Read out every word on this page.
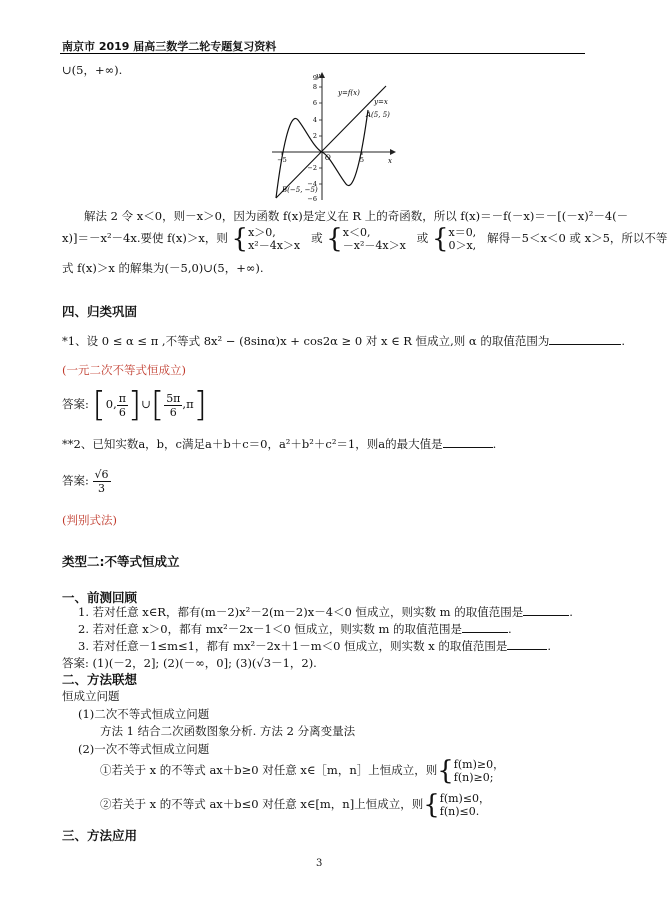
南京市 2019 届高三数学二轮专题复习资料
∪(5，+∞).
y=f(x)
y=x
A(5, 5)
B(−5, −5)
O	x
y
9
8
6
4
2
−2
−4
−6
−5	5
解法 2 令 x＜0，则－x＞0，因为函数 f(x)是定义在 R 上的奇函数，所以 f(x)＝－f(－x)＝－[(－x)²－4(－
x)]＝－x²－4x.要使 f(x)＞x，则 {x＞0,
x²－4x＞x   或 {x＜0,
－x²－4x＞x   或 {x＝0,
0＞x,   解得－5＜x＜0 或 x＞5，所以不等
式 f(x)＞x 的解集为(－5,0)∪(5，+∞).
四、归类巩固
*1、设 0 ≤ α ≤ π ,不等式 8x² − (8sinα)x + cos2α ≥ 0 对 x ∈ R 恒成立,则 α 的取值范围为	.
(一元二次不等式恒成立)
答案: [0, $\frac{\pi}{6}]\cup[ \frac{5\pi}{6},\pi]$
**2、已知实数a，b，c满足a＋b＋c＝0，a²＋b²＋c²＝1，则a的最大值是	.
答案: $\frac{√6}{3}$
(判别式法)
类型二:不等式恒成立
一、前测回顾
1. 若对任意 x∈R，都有(m－2)x²－2(m－2)x－4＜0 恒成立，则实数 m 的取值范围是	.
2. 若对任意 x＞0，都有 mx²－2x－1＜0 恒成立，则实数 m 的取值范围是	.
3. 若对任意－1≤m≤1，都有 mx²－2x＋1－m＜0 恒成立，则实数 x 的取值范围是	.
答案: (1)(－2，2]; (2)(－∞，0]; (3)(√3－1，2).
二、方法联想
恒成立问题
(1)二次不等式恒成立问题
方法 1 结合二次函数图象分析. 方法 2 分离变量法
(2)一次不等式恒成立问题
①若关于 x 的不等式 ax＋b≥0 对任意 x∈［m，n］上恒成立，则{f(m)≥0，
f(n)≥0;
②若关于 x 的不等式 ax＋b≤0 对任意 x∈[m，n]上恒成立，则{f(m)≤0，
f(n)≤0.
三、方法应用
3
